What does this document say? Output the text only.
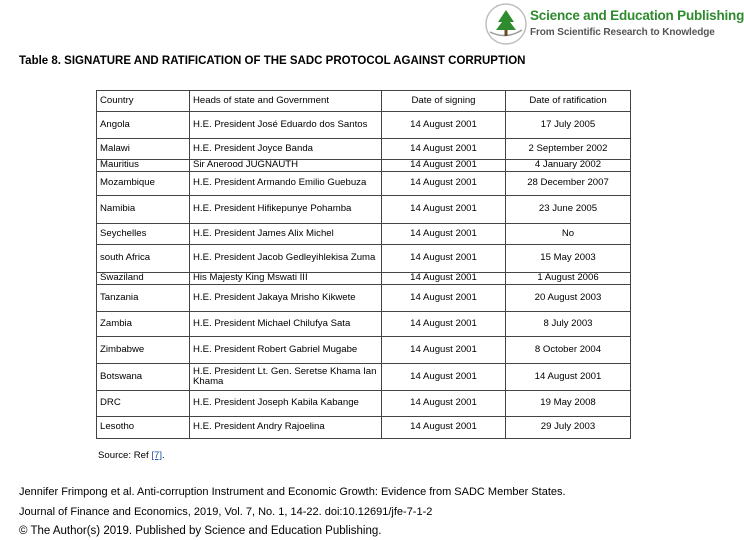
Science and Education Publishing
From Scientific Research to Knowledge
Table 8. SIGNATURE AND RATIFICATION OF THE SADC PROTOCOL AGAINST CORRUPTION
Country	Heads of state and Government	Date of signing	Date of ratification
Angola	H.E. President José Eduardo dos Santos	14 August 2001	17 July 2005
Malawi	H.E. President Joyce Banda	14 August 2001	2 September 2002
Mauritius	Sir Anerood JUGNAUTH	14 August 2001	4 January 2002
Mozambique	H.E. President Armando Emilio Guebuza	14 August 2001	28 December 2007
Namibia	H.E. President Hifikepunye Pohamba	14 August 2001	23 June 2005
Seychelles	H.E. President James Alix Michel	14 August 2001	No
south Africa	H.E. President Jacob Gedleyihlekisa Zuma	14 August 2001	15 May 2003
Swaziland	His Majesty King Mswati III	14 August 2001	1 August 2006
Tanzania	H.E. President Jakaya Mrisho Kikwete	14 August 2001	20 August 2003
Zambia	H.E. President Michael Chilufya Sata	14 August 2001	8 July 2003
Zimbabwe	H.E. President Robert Gabriel Mugabe	14 August 2001	8 October 2004
Botswana	H.E. President Lt. Gen. Seretse Khama Ian Khama	14 August 2001	14 August 2001
DRC	H.E. President Joseph Kabila Kabange	14 August 2001	19 May 2008
Lesotho	H.E. President Andry Rajoelina	14 August 2001	29 July 2003
Source: Ref [7].
Jennifer Frimpong et al. Anti-corruption Instrument and Economic Growth: Evidence from SADC Member States.
Journal of Finance and Economics, 2019, Vol. 7, No. 1, 14-22. doi:10.12691/jfe-7-1-2
© The Author(s) 2019. Published by Science and Education Publishing.
